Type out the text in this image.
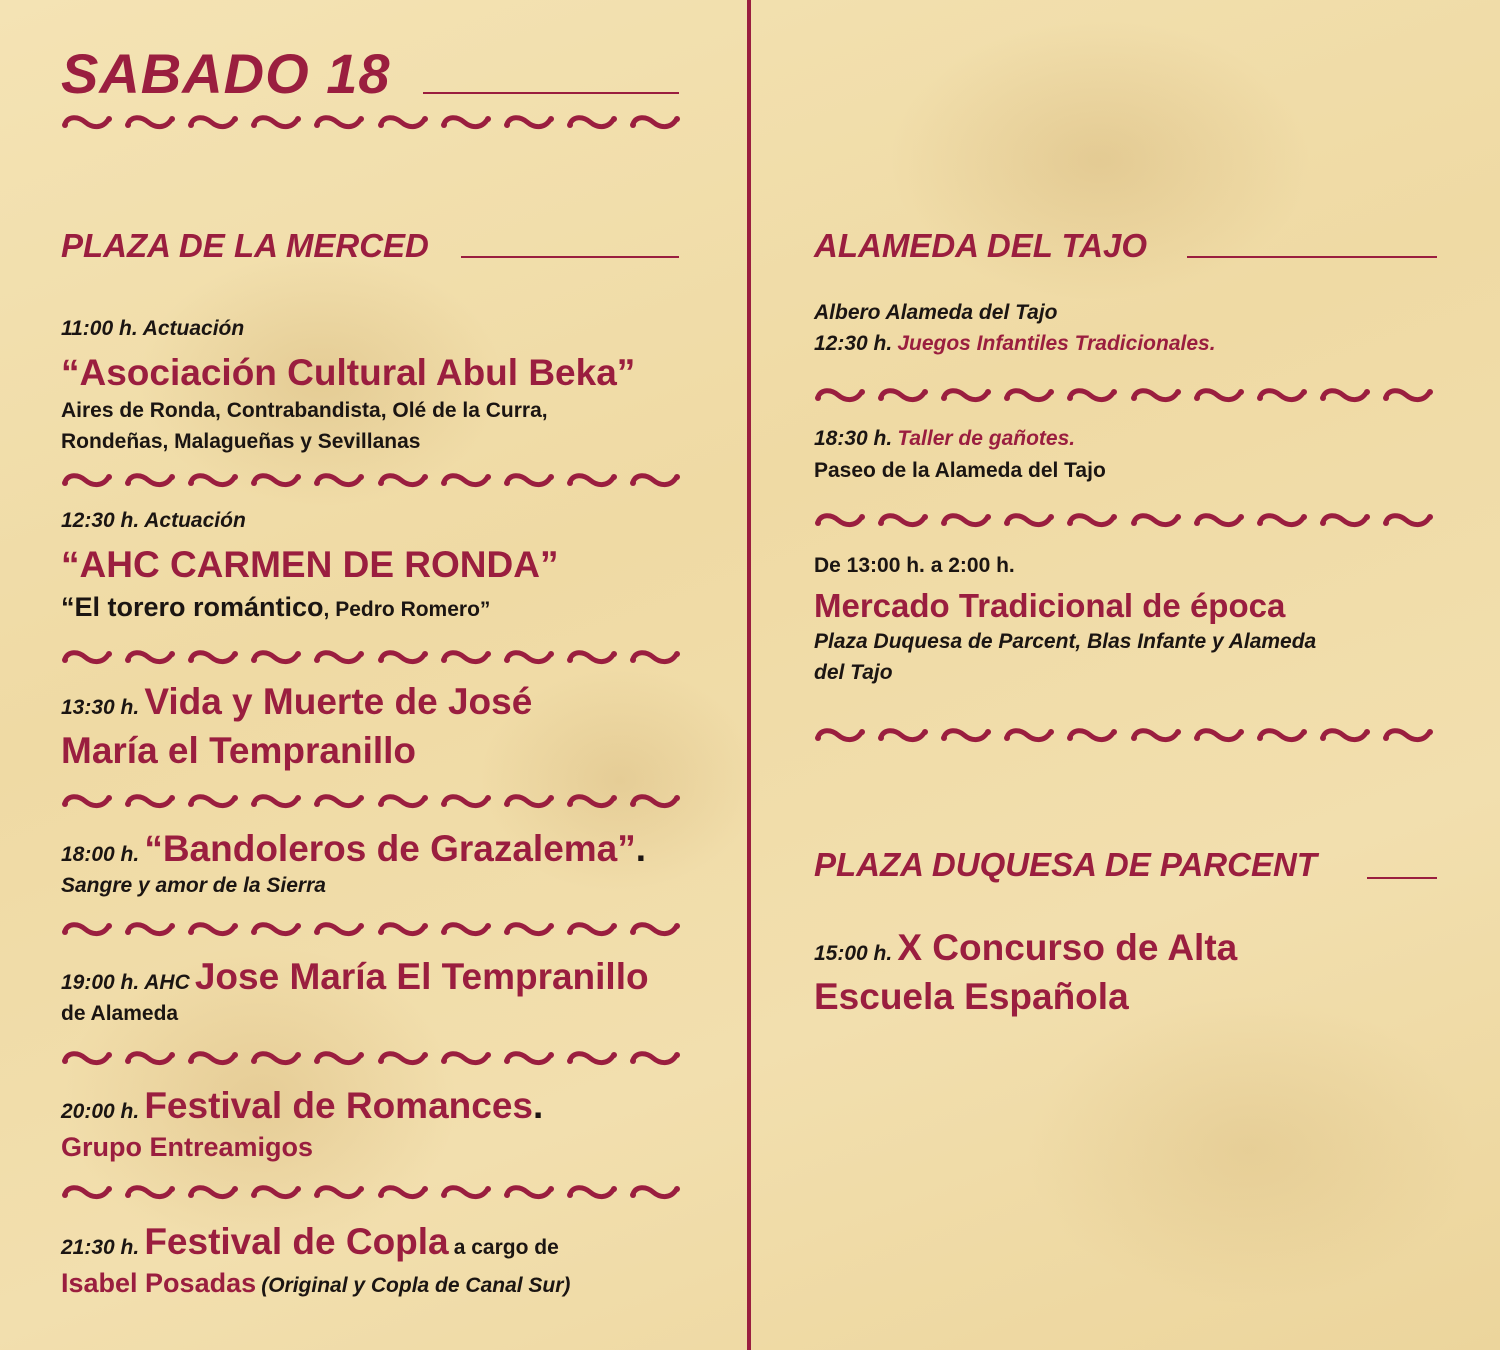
SABADO 18
PLAZA DE LA MERCED
11:00 h. Actuación
“Asociación Cultural Abul Beka”
Aires de Ronda, Contrabandista, Olé de la Curra,
Rondeñas, Malagueñas y Sevillanas
12:30 h. Actuación
“AHC CARMEN DE RONDA”
“El torero romántico, Pedro Romero”
13:30 h. Vida y Muerte de José
María el Tempranillo
18:00 h. “Bandoleros de Grazalema”.
Sangre y amor de la Sierra
19:00 h. AHC Jose María El Tempranillo
de Alameda
20:00 h. Festival de Romances.
Grupo Entreamigos
21:30 h. Festival de Copla a cargo de
Isabel Posadas (Original y Copla de Canal Sur)
ALAMEDA DEL TAJO
Albero Alameda del Tajo
12:30 h. Juegos Infantiles Tradicionales.
18:30 h. Taller de gañotes.
Paseo de la Alameda del Tajo
De 13:00 h. a 2:00 h.
Mercado Tradicional de época
Plaza Duquesa de Parcent, Blas Infante y Alameda
del Tajo
PLAZA DUQUESA DE PARCENT
15:00 h. X Concurso de Alta
Escuela Española
